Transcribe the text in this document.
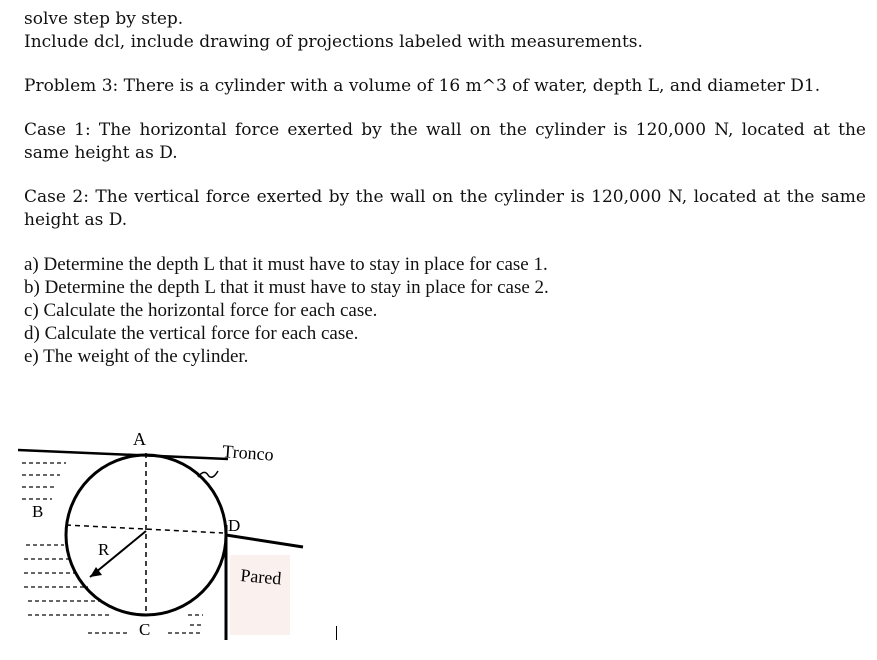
solve step by step.
Include dcl, include drawing of projections labeled with measurements.
Problem 3: There is a cylinder with a volume of 16 m^3 of water, depth L, and diameter D1.
Case 1: The horizontal force exerted by the wall on the cylinder is 120,000 N, located at the same height as D.
Case 2: The vertical force exerted by the wall on the cylinder is 120,000 N, located at the same height as D.
a) Determine the depth L that it must have to stay in place for case 1.
b) Determine the depth L that it must have to stay in place for case 2.
c) Calculate the horizontal force for each case.
d) Calculate the vertical force for each case.
e) The weight of the cylinder.
A
B
C
D
R
Tronco
Pared
